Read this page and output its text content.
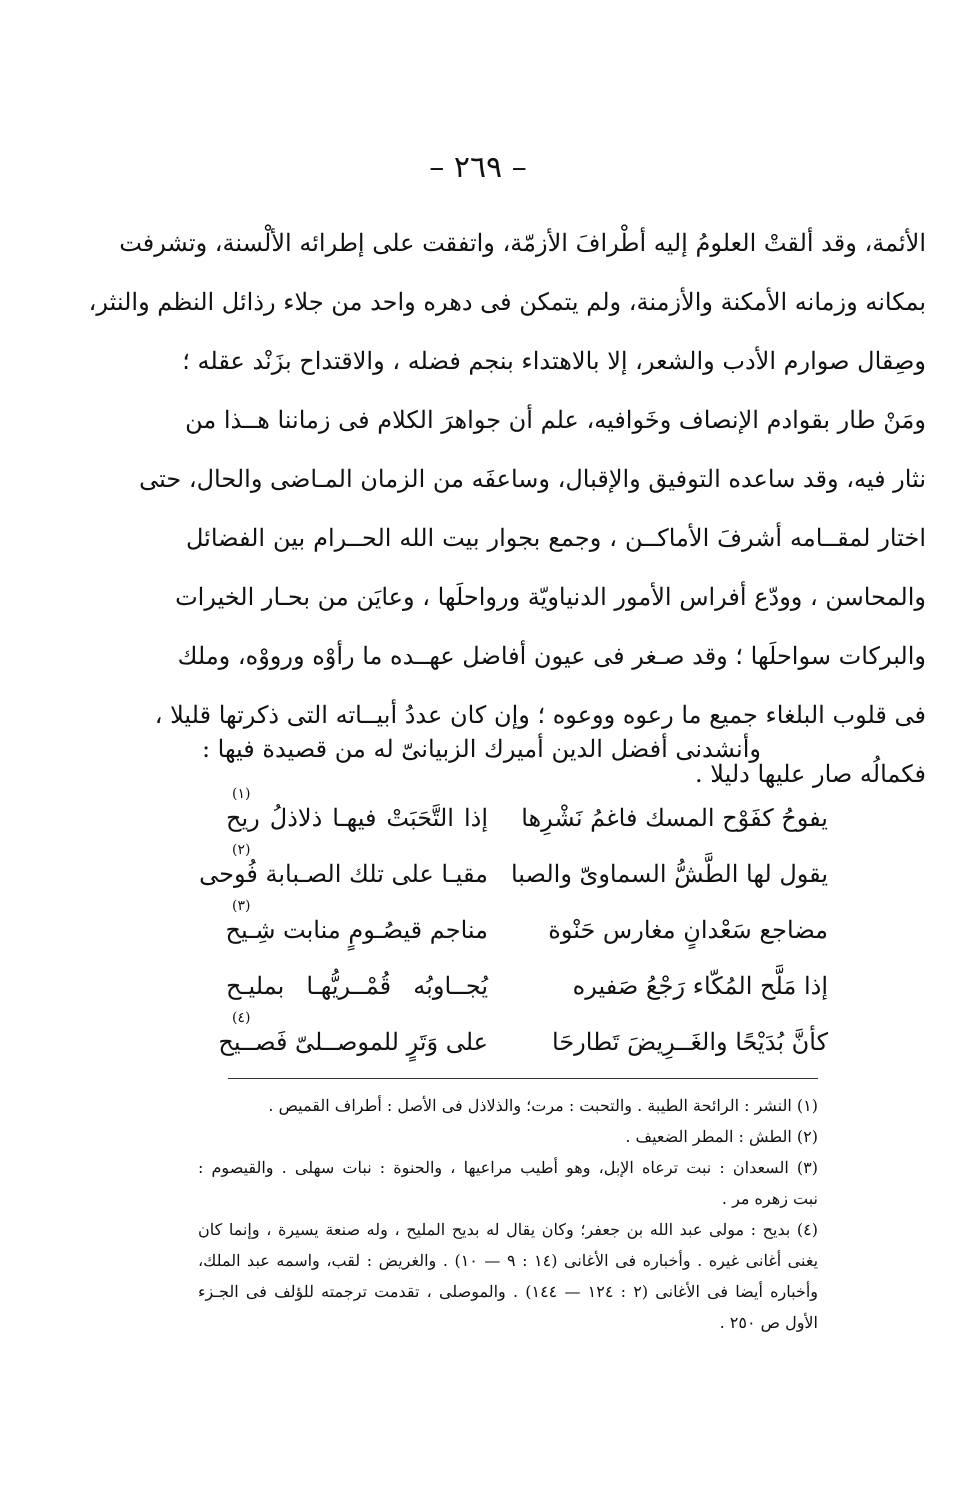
– ٢٦٩ –
الأئمة، وقد ألقتْ العلومُ إليه أطْرافَ الأزمّة، واتفقت على إطرائه الألْسنة، وتشرفت
بمكانه وزمانه الأمكنة والأزمنة، ولم يتمكن فى دهره واحد من جلاء رذائل النظم والنثر،
وصِقال صوارم الأدب والشعر، إلا بالاهتداء بنجم فضله ، والاقتداح بزَنْد عقله ؛
ومَنْ طار بقوادم الإنصاف وخَوافيه، علم أن جواهرَ الكلام فى زماننا هــذا من
نثار فيه، وقد ساعده التوفيق والإقبال، وساعفَه من الزمان المـاضى والحال، حتى
اختار لمقــامه أشرفَ الأماكــن ، وجمع بجوار بيت الله الحــرام بين الفضائل
والمحاسن ، وودّع أفراس الأمور الدنياويّة ورواحلَها ، وعايَن من بحـار الخيرات
والبركات سواحلَها ؛ وقد صـغر فى عيون أفاضل عهــده ما رأوْه ورووْه، وملك
فى قلوب البلغاء جميع ما رعوه ووعوه ؛ وإن كان عددُ أبيــاته التى ذكرتها قليلا ،
فكمالُه صار عليها دليلا .
وأنشدنى أفضل الدين أميرك الزبيانىّ له من قصيدة فيها :
يفوحُ كفَوْح المسك فاغمُ نَشْرِها
إذا التَّحَبَتْ فيهـا ذلاذلُ ريح
(١)
يقول لها الطَّشُّ السماوىّ والصبا
مقيـا على تلك الصـبابة فُوحى
(٢)
مضاجع سَعْدانٍ مغارس حَنْوة
مناجم قيصُـومٍ منابت شِـيح
(٣)
إذا مَلَّح المُكّاء رَجْعُ صَفيره
يُجــاوبُه قُمْــريُّهـا بمليـح
كأنَّ بُدَيْحًا والغَــرِيضَ تَطارحَا
على وَتَرٍ للموصــلىّ فَصــيح
(٤)
(١) النشر : الرائحة الطيبة . والتحبت : مرت؛ والذلاذل فى الأصل : أطراف القميص .
(٢) الطش : المطر الضعيف .
(٣) السعدان : نبت ترعاه الإبل، وهو أطيب مراعيها ، والحنوة : نبات سهلى . والقيصوم :
نبت زهره مر .
(٤) بديح : مولى عبد الله بن جعفر؛ وكان يقال له بديح المليح ، وله صنعة يسيرة ، وإنما كان
يغنى أغانى غيره . وأخباره فى الأغانى (١٤ : ٩ — ١٠) . والغريض : لقب، واسمه عبد الملك،
وأخباره أيضا فى الأغانى (٢ : ١٢٤ — ١٤٤) . والموصلى ، تقدمت ترجمته للؤلف فى الجـزء
الأول ص ٢٥٠ .
